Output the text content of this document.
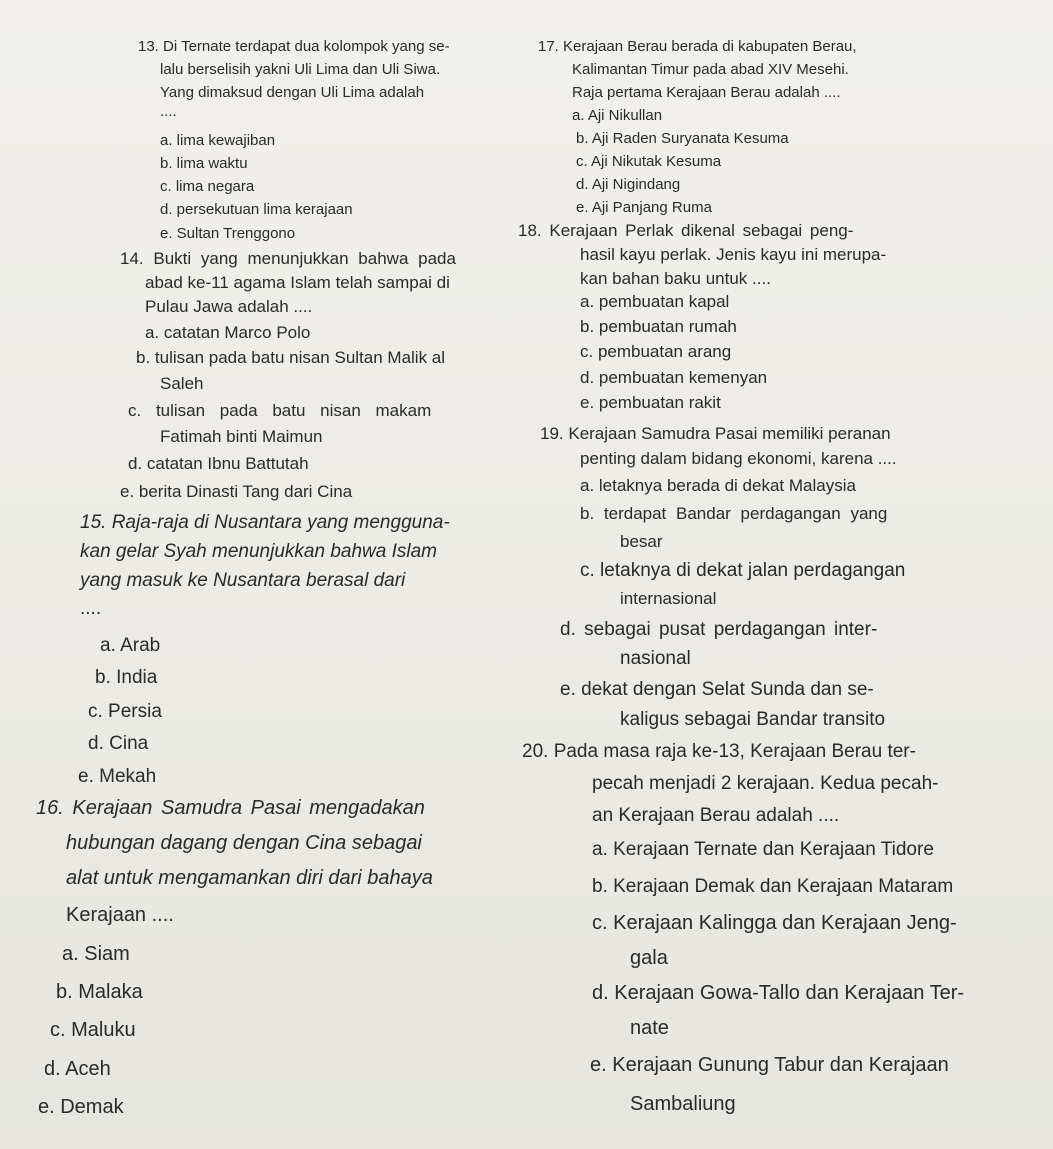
13. Di Ternate terdapat dua kolompok yang se-
lalu berselisih yakni Uli Lima dan Uli Siwa.
Yang dimaksud dengan Uli Lima adalah
....
a. lima kewajiban
b. lima waktu
c. lima negara
d. persekutuan lima kerajaan
e. Sultan Trenggono
14. Bukti yang menunjukkan bahwa pada
abad ke-11 agama Islam telah sampai di
Pulau Jawa adalah ....
a. catatan Marco Polo
b. tulisan pada batu nisan Sultan Malik al
Saleh
c. tulisan pada batu nisan makam
Fatimah binti Maimun
d. catatan Ibnu Battutah
e. berita Dinasti Tang dari Cina
15. Raja-raja di Nusantara yang mengguna-
kan gelar Syah menunjukkan bahwa Islam
yang masuk ke Nusantara berasal dari
....
a. Arab
b. India
c. Persia
d. Cina
e. Mekah
16. Kerajaan Samudra Pasai mengadakan
hubungan dagang dengan Cina sebagai
alat untuk mengamankan diri dari bahaya
Kerajaan ....
a. Siam
b. Malaka
c. Maluku
d. Aceh
e. Demak
17. Kerajaan Berau berada di kabupaten Berau,
Kalimantan Timur pada abad XIV Mesehi.
Raja pertama Kerajaan Berau adalah ....
a. Aji Nikullan
b. Aji Raden Suryanata Kesuma
c. Aji Nikutak Kesuma
d. Aji Nigindang
e. Aji Panjang Ruma
18. Kerajaan Perlak dikenal sebagai peng-
hasil kayu perlak. Jenis kayu ini merupa-
kan bahan baku untuk ....
a. pembuatan kapal
b. pembuatan rumah
c. pembuatan arang
d. pembuatan kemenyan
e. pembuatan rakit
19. Kerajaan Samudra Pasai memiliki peranan
penting dalam bidang ekonomi, karena ....
a. letaknya berada di dekat Malaysia
b. terdapat Bandar perdagangan yang
besar
c. letaknya di dekat jalan perdagangan
internasional
d. sebagai pusat perdagangan inter-
nasional
e. dekat dengan Selat Sunda dan se-
kaligus sebagai Bandar transito
20. Pada masa raja ke-13, Kerajaan Berau ter-
pecah menjadi 2 kerajaan. Kedua pecah-
an Kerajaan Berau adalah ....
a. Kerajaan Ternate dan Kerajaan Tidore
b. Kerajaan Demak dan Kerajaan Mataram
c. Kerajaan Kalingga dan Kerajaan Jeng-
gala
d. Kerajaan Gowa-Tallo dan Kerajaan Ter-
nate
e. Kerajaan Gunung Tabur dan Kerajaan
Sambaliung
